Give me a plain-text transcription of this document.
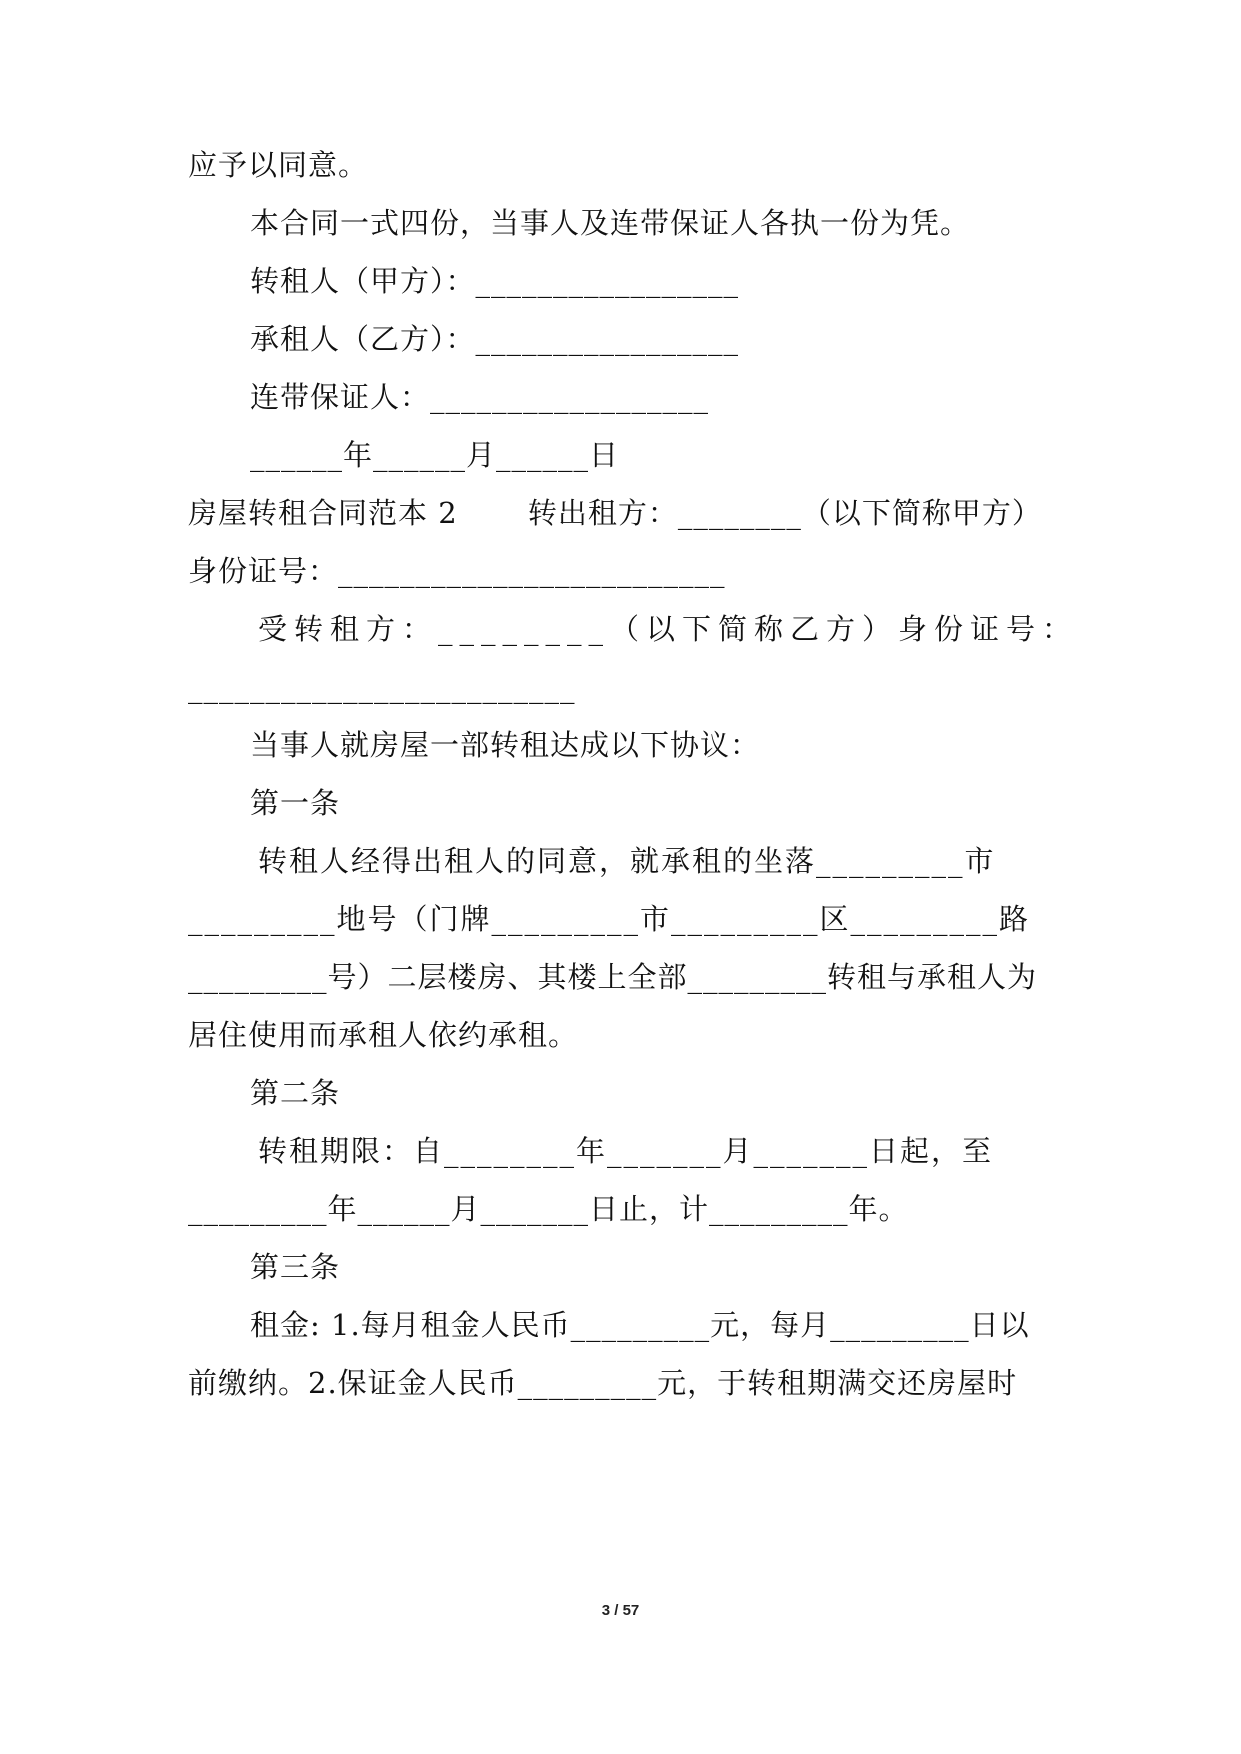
应予以同意。
本合同一式四份，当事人及连带保证人各执一份为凭。
转租人（甲方）：_________________
承租人（乙方）：_________________
连带保证人：__________________
______年______月______日
房屋转租合同范本 2　　 转出租方：________（以下简称甲方）
身份证号：_________________________
受转租方：________（以下简称乙方）身份证号：
_________________________
当事人就房屋一部转租达成以下协议：
第一条
转租人经得出租人的同意，就承租的坐落_________市
_________地号（门牌_________市_________区_________路
_________号）二层楼房、其楼上全部_________转租与承租人为
居住使用而承租人依约承租。
第二条
转租期限：自________年_______月_______日起，至
_________年______月_______日止，计_________年。
第三条
租金: 1.每月租金人民币_________元，每月_________日以
前缴纳。2.保证金人民币_________元，于转租期满交还房屋时
3 / 57
